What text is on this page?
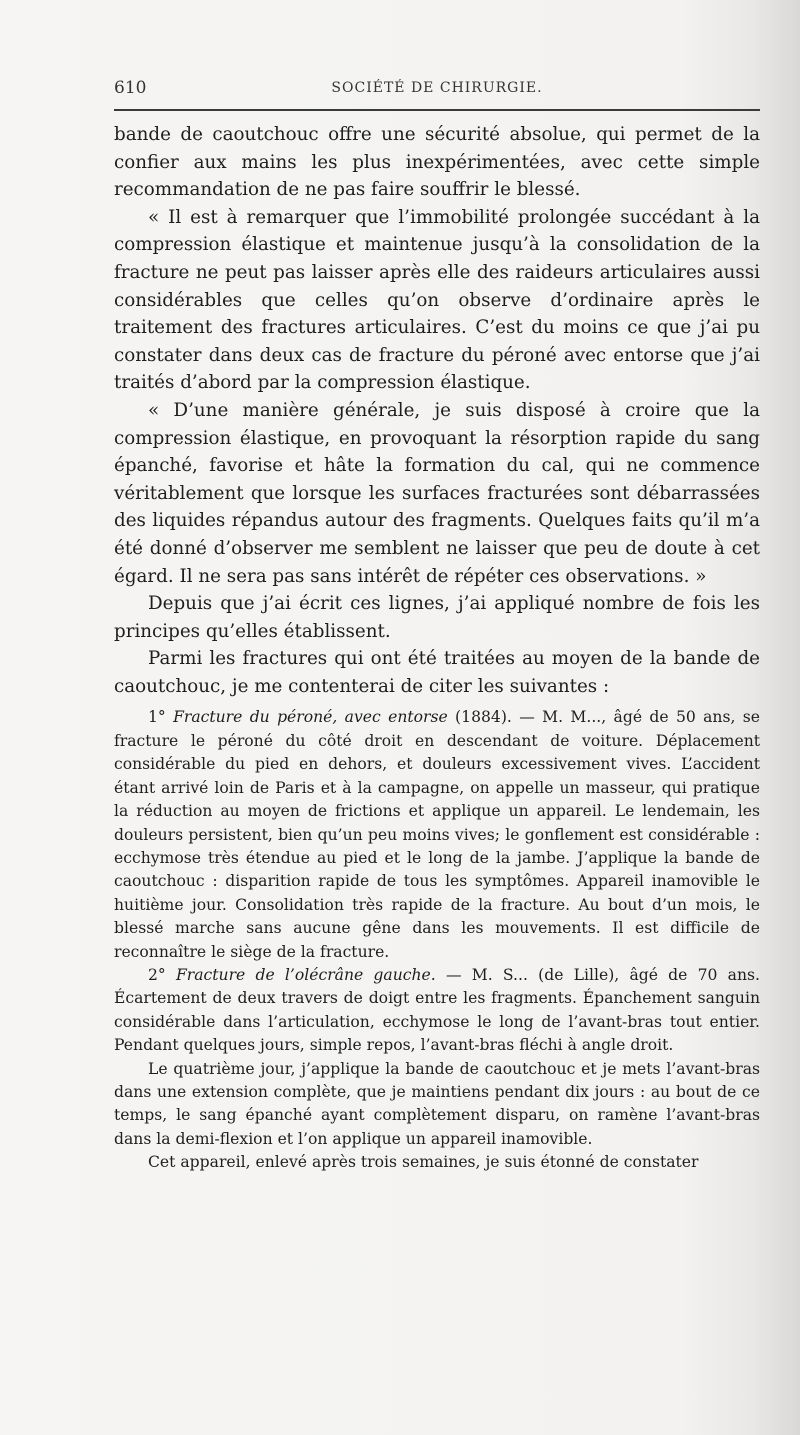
610	SOCIÉTÉ DE CHIRURGIE.

bande de caoutchouc offre une sécurité absolue, qui permet de la confier aux mains les plus inexpérimentées, avec cette simple recommandation de ne pas faire souffrir le blessé.

« Il est à remarquer que l’immobilité prolongée succédant à la compression élastique et maintenue jusqu’à la consolidation de la fracture ne peut pas laisser après elle des raideurs articulaires aussi considérables que celles qu’on observe d’ordinaire après le traitement des fractures articulaires. C’est du moins ce que j’ai pu constater dans deux cas de fracture du péroné avec entorse que j’ai traités d’abord par la compression élastique.

« D’une manière générale, je suis disposé à croire que la compression élastique, en provoquant la résorption rapide du sang épanché, favorise et hâte la formation du cal, qui ne commence véritablement que lorsque les surfaces fracturées sont débarrassées des liquides répandus autour des fragments. Quelques faits qu’il m’a été donné d’observer me semblent ne laisser que peu de doute à cet égard. Il ne sera pas sans intérêt de répéter ces observations. »

Depuis que j’ai écrit ces lignes, j’ai appliqué nombre de fois les principes qu’elles établissent.

Parmi les fractures qui ont été traitées au moyen de la bande de caoutchouc, je me contenterai de citer les suivantes :

1° Fracture du péroné, avec entorse (1884). — M. M..., âgé de 50 ans, se fracture le péroné du côté droit en descendant de voiture. Déplacement considérable du pied en dehors, et douleurs excessivement vives. L’accident étant arrivé loin de Paris et à la campagne, on appelle un masseur, qui pratique la réduction au moyen de frictions et applique un appareil. Le lendemain, les douleurs persistent, bien qu’un peu moins vives; le gonflement est considérable : ecchymose très étendue au pied et le long de la jambe. J’applique la bande de caoutchouc : disparition rapide de tous les symptômes. Appareil inamovible le huitième jour. Consolidation très rapide de la fracture. Au bout d’un mois, le blessé marche sans aucune gêne dans les mouvements. Il est difficile de reconnaître le siège de la fracture.

2° Fracture de l’olécrâne gauche. — M. S... (de Lille), âgé de 70 ans. Écartement de deux travers de doigt entre les fragments. Épanchement sanguin considérable dans l’articulation, ecchymose le long de l’avant-bras tout entier. Pendant quelques jours, simple repos, l’avant-bras fléchi à angle droit.

Le quatrième jour, j’applique la bande de caoutchouc et je mets l’avant-bras dans une extension complète, que je maintiens pendant dix jours : au bout de ce temps, le sang épanché ayant complètement disparu, on ramène l’avant-bras dans la demi-flexion et l’on applique un appareil inamovible.

Cet appareil, enlevé après trois semaines, je suis étonné de constater
